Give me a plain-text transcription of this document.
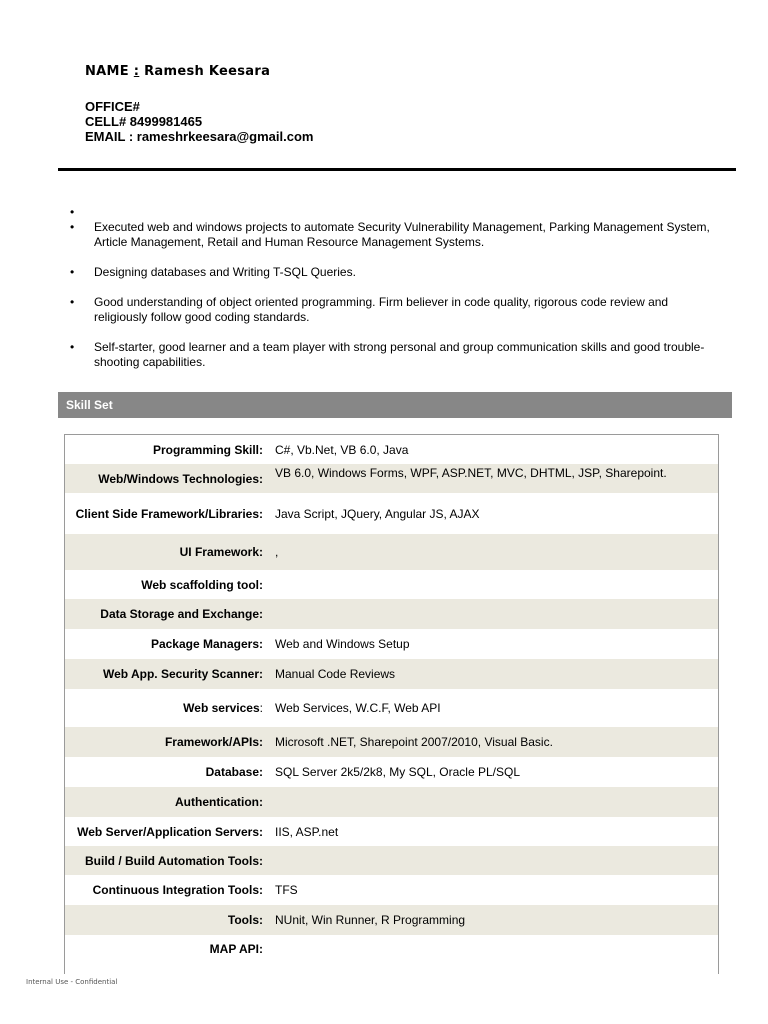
NAME : Ramesh Keesara
OFFICE#
CELL# 8499981465
EMAIL : rameshrkeesara@gmail.com
•
• Executed web and windows projects to automate Security Vulnerability Management, Parking Management System, Article Management, Retail and Human Resource Management Systems.
• Designing databases and Writing T-SQL Queries.
• Good understanding of object oriented programming. Firm believer in code quality, rigorous code review and religiously follow good coding standards.
• Self-starter, good learner and a team player with strong personal and group communication skills and good trouble-shooting capabilities.
Skill Set
Programming Skill:	C#, Vb.Net, VB 6.0, Java
Web/Windows Technologies:	VB 6.0, Windows Forms, WPF, ASP.NET, MVC, DHTML, JSP, Sharepoint.
Client Side Framework/Libraries:	Java Script, JQuery, Angular JS, AJAX
UI Framework:	,
Web scaffolding tool:
Data Storage and Exchange:
Package Managers:	Web and Windows Setup
Web App. Security Scanner:	Manual Code Reviews
Web services:	Web Services, W.C.F, Web API
Framework/APIs:	Microsoft .NET, Sharepoint 2007/2010, Visual Basic.
Database:	SQL Server 2k5/2k8, My SQL, Oracle PL/SQL
Authentication:
Web Server/Application Servers:	IIS, ASP.net
Build / Build Automation Tools:
Continuous Integration Tools:	TFS
Tools:	NUnit, Win Runner, R Programming
MAP API:
Internal Use - Confidential
